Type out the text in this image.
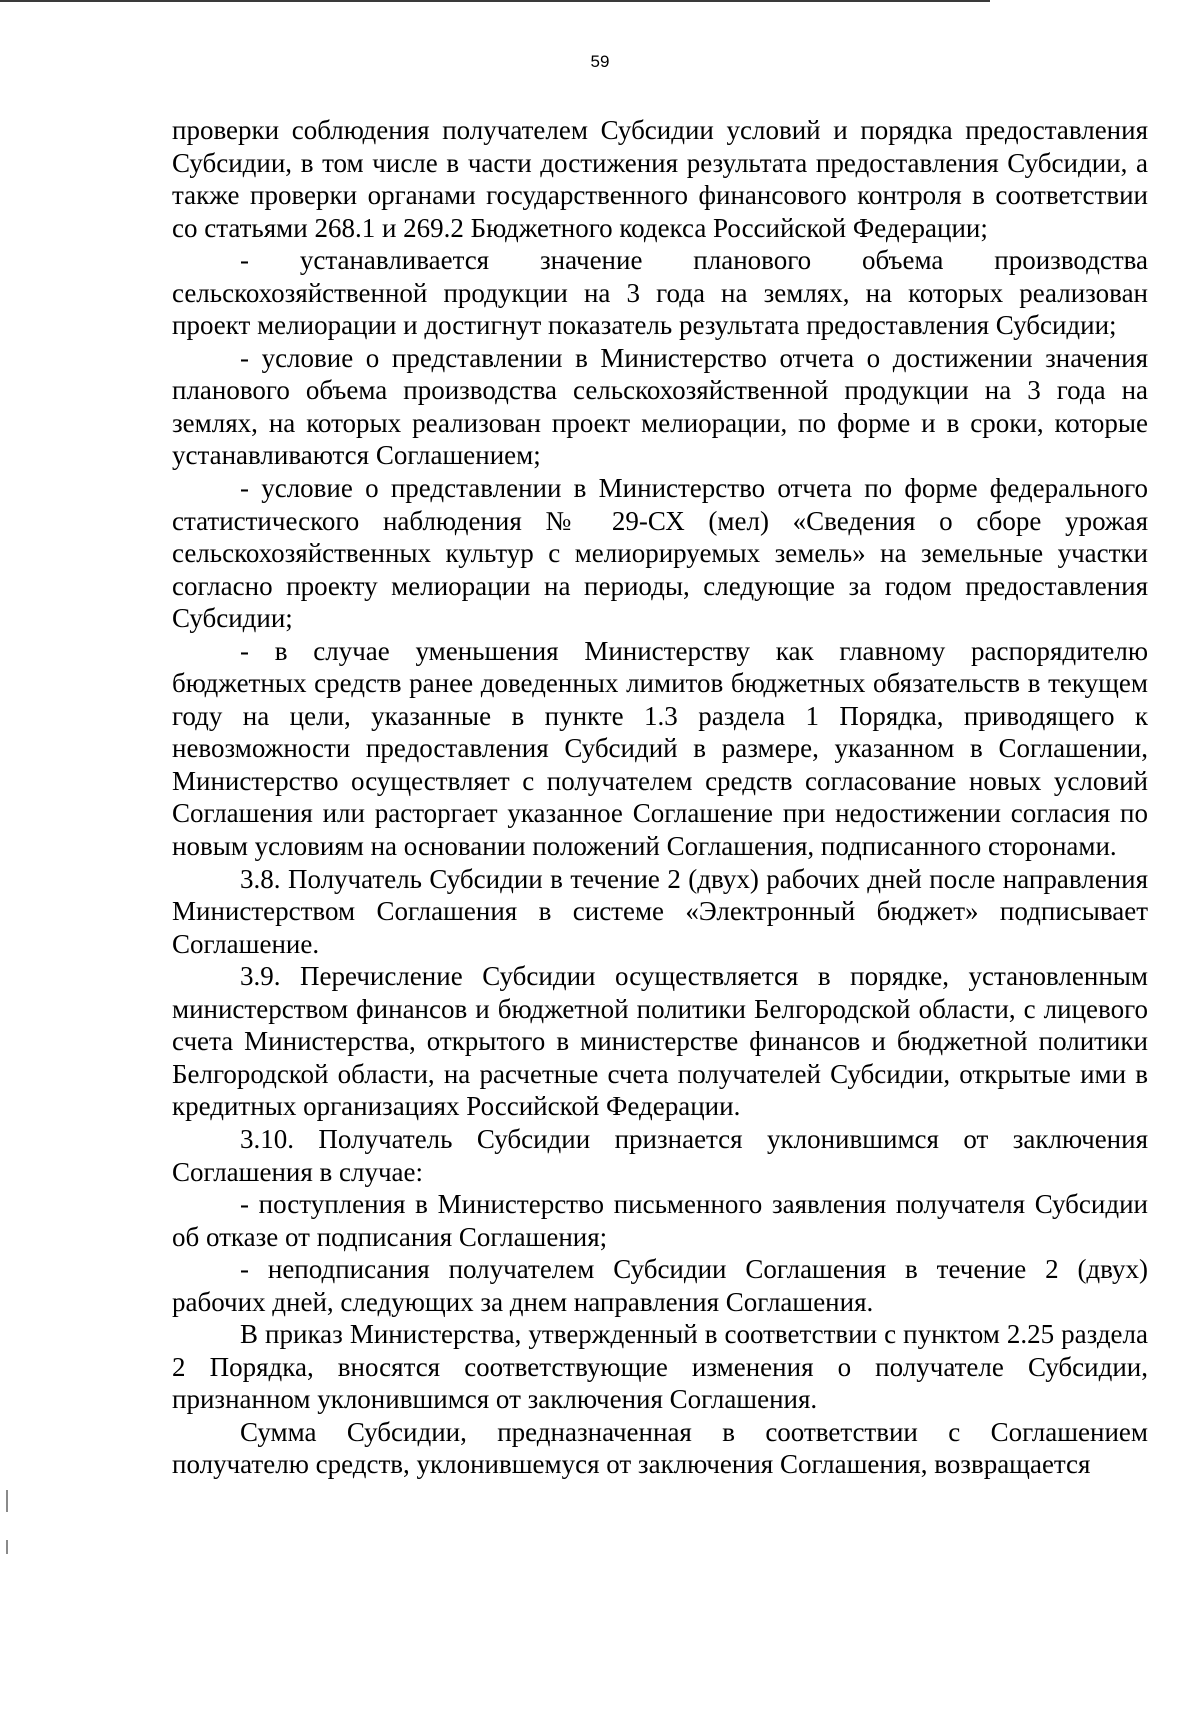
59

проверки соблюдения получателем Субсидии условий и порядка предоставления Субсидии, в том числе в части достижения результата предоставления Субсидии, а также проверки органами государственного финансового контроля в соответствии со статьями 268.1 и 269.2 Бюджетного кодекса Российской Федерации;

- устанавливается значение планового объема производства сельскохозяйственной продукции на 3 года на землях, на которых реализован проект мелиорации и достигнут показатель результата предоставления Субсидии;

- условие о представлении в Министерство отчета о достижении значения планового объема производства сельскохозяйственной продукции на 3 года на землях, на которых реализован проект мелиорации, по форме и в сроки, которые устанавливаются Соглашением;

- условие о представлении в Министерство отчета по форме федерального статистического наблюдения № 29-СХ (мел) «Сведения о сборе урожая сельскохозяйственных культур с мелиорируемых земель» на земельные участки согласно проекту мелиорации на периоды, следующие за годом предоставления Субсидии;

- в случае уменьшения Министерству как главному распорядителю бюджетных средств ранее доведенных лимитов бюджетных обязательств в текущем году на цели, указанные в пункте 1.3 раздела 1 Порядка, приводящего к невозможности предоставления Субсидий в размере, указанном в Соглашении, Министерство осуществляет с получателем средств согласование новых условий Соглашения или расторгает указанное Соглашение при недостижении согласия по новым условиям на основании положений Соглашения, подписанного сторонами.

3.8. Получатель Субсидии в течение 2 (двух) рабочих дней после направления Министерством Соглашения в системе «Электронный бюджет» подписывает Соглашение.

3.9. Перечисление Субсидии осуществляется в порядке, установленным министерством финансов и бюджетной политики Белгородской области, с лицевого счета Министерства, открытого в министерстве финансов и бюджетной политики Белгородской области, на расчетные счета получателей Субсидии, открытые ими в кредитных организациях Российской Федерации.

3.10. Получатель Субсидии признается уклонившимся от заключения Соглашения в случае:

- поступления в Министерство письменного заявления получателя Субсидии об отказе от подписания Соглашения;

- неподписания получателем Субсидии Соглашения в течение 2 (двух) рабочих дней, следующих за днем направления Соглашения.

В приказ Министерства, утвержденный в соответствии с пунктом 2.25 раздела 2 Порядка, вносятся соответствующие изменения о получателе Субсидии, признанном уклонившимся от заключения Соглашения.

Сумма Субсидии, предназначенная в соответствии с Соглашением получателю средств, уклонившемуся от заключения Соглашения, возвращается
